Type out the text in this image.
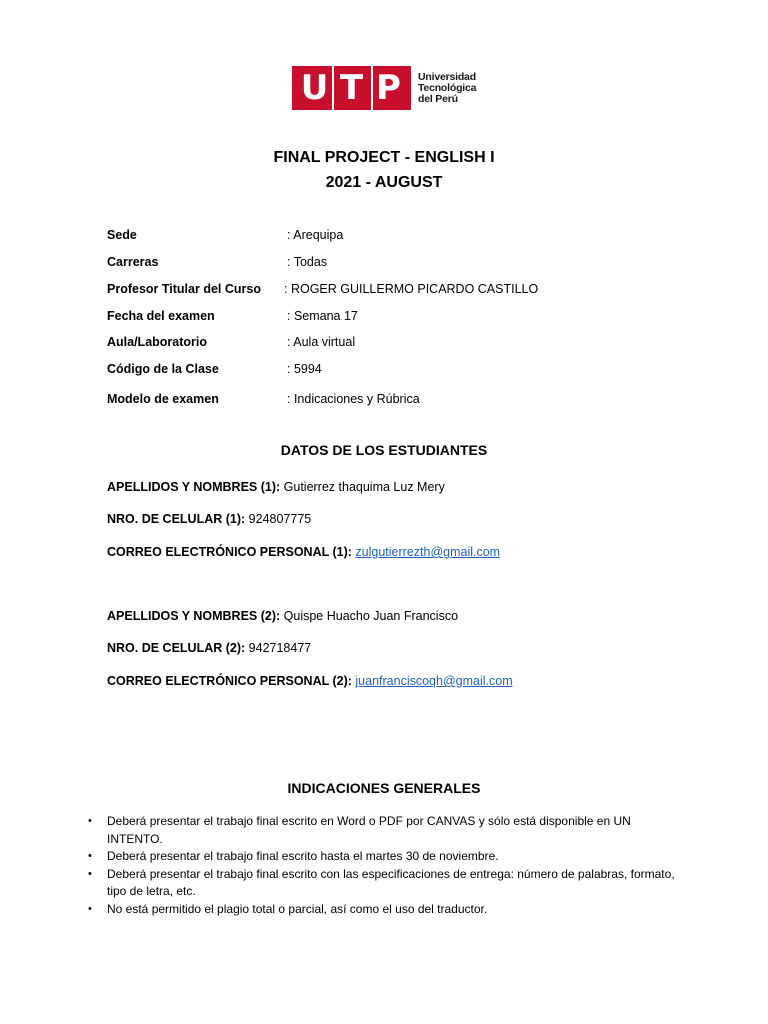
U T P	Universidad
Tecnológica
del Perú
FINAL PROJECT - ENGLISH I
2021 - AUGUST
Sede	: Arequipa
Carreras	: Todas
Profesor Titular del Curso : ROGER GUILLERMO PICARDO CASTILLO
Fecha del examen	: Semana 17
Aula/Laboratorio	: Aula virtual
Código de la Clase	: 5994
Modelo de examen	: Indicaciones y Rúbrica
DATOS DE LOS ESTUDIANTES
APELLIDOS Y NOMBRES (1): Gutierrez thaquima Luz Mery
NRO. DE CELULAR (1): 924807775
CORREO ELECTRÓNICO PERSONAL (1): zulgutierrezth@gmail.com
APELLIDOS Y NOMBRES (2): Quispe Huacho Juan Francisco
NRO. DE CELULAR (2): 942718477
CORREO ELECTRÓNICO PERSONAL (2): juanfranciscoqh@gmail.com
INDICACIONES GENERALES
• Deberá presentar el trabajo final escrito en Word o PDF por CANVAS y sólo está disponible en UN INTENTO.
• Deberá presentar el trabajo final escrito hasta el martes 30 de noviembre.
• Deberá presentar el trabajo final escrito con las especificaciones de entrega: número de palabras, formato, tipo de letra, etc.
• No está permitido el plagio total o parcial, así como el uso del traductor.
